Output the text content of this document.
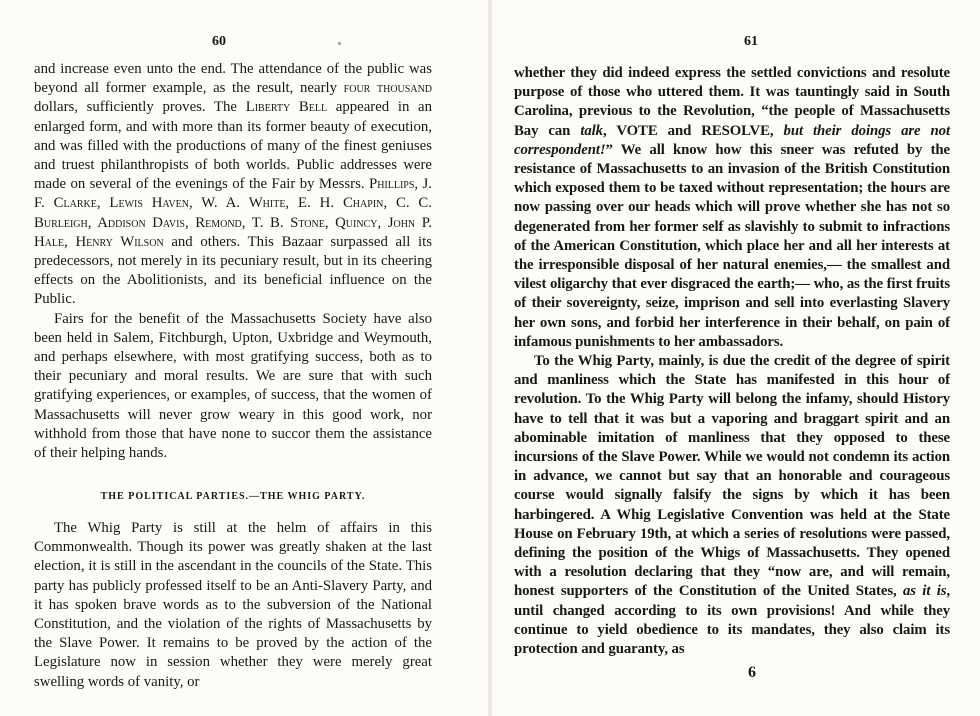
60

and increase even unto the end. The attendance of the public was beyond all former example, as the result, nearly four thousand dollars, sufficiently proves. The Liberty Bell appeared in an enlarged form, and with more than its former beauty of execution, and was filled with the productions of many of the finest geniuses and truest philanthropists of both worlds. Public addresses were made on several of the evenings of the Fair by Messrs. Phillips, J. F. Clarke, Lewis Haven, W. A. White, E. H. Chapin, C. C. Burleigh, Addison Davis, Remond, T. B. Stone, Quincy, John P. Hale, Henry Wilson and others. This Bazaar surpassed all its predecessors, not merely in its pecuniary result, but in its cheering effects on the Abolitionists, and its beneficial influence on the Public.

Fairs for the benefit of the Massachusetts Society have also been held in Salem, Fitchburgh, Upton, Uxbridge and Weymouth, and perhaps elsewhere, with most gratifying success, both as to their pecuniary and moral results. We are sure that with such gratifying experiences, or examples, of success, that the women of Massachusetts will never grow weary in this good work, nor withhold from those that have none to succor them the assistance of their helping hands.

THE POLITICAL PARTIES.—THE WHIG PARTY.

The Whig Party is still at the helm of affairs in this Commonwealth. Though its power was greatly shaken at the last election, it is still in the ascendant in the councils of the State. This party has publicly professed itself to be an Anti-Slavery Party, and it has spoken brave words as to the subversion of the National Constitution, and the violation of the rights of Massachusetts by the Slave Power. It remains to be proved by the action of the Legislature now in session whether they were merely great swelling words of vanity, or

61

whether they did indeed express the settled convictions and resolute purpose of those who uttered them. It was tauntingly said in South Carolina, previous to the Revolution, “the people of Massachusetts Bay can talk, VOTE and RESOLVE, but their doings are not correspondent!” We all know how this sneer was refuted by the resistance of Massachusetts to an invasion of the British Constitution which exposed them to be taxed without representation; the hours are now passing over our heads which will prove whether she has not so degenerated from her former self as slavishly to submit to infractions of the American Constitution, which place her and all her interests at the irresponsible disposal of her natural enemies,— the smallest and vilest oligarchy that ever disgraced the earth;— who, as the first fruits of their sovereignty, seize, imprison and sell into everlasting Slavery her own sons, and forbid her interference in their behalf, on pain of infamous punishments to her ambassadors.

To the Whig Party, mainly, is due the credit of the degree of spirit and manliness which the State has manifested in this hour of revolution. To the Whig Party will belong the infamy, should History have to tell that it was but a vaporing and braggart spirit and an abominable imitation of manliness that they opposed to these incursions of the Slave Power. While we would not condemn its action in advance, we cannot but say that an honorable and courageous course would signally falsify the signs by which it has been harbingered. A Whig Legislative Convention was held at the State House on February 19th, at which a series of resolutions were passed, defining the position of the Whigs of Massachusetts. They opened with a resolution declaring that they “now are, and will remain, honest supporters of the Constitution of the United States, as it is, until changed according to its own provisions! And while they continue to yield obedience to its mandates, they also claim its protection and guaranty, as

6
